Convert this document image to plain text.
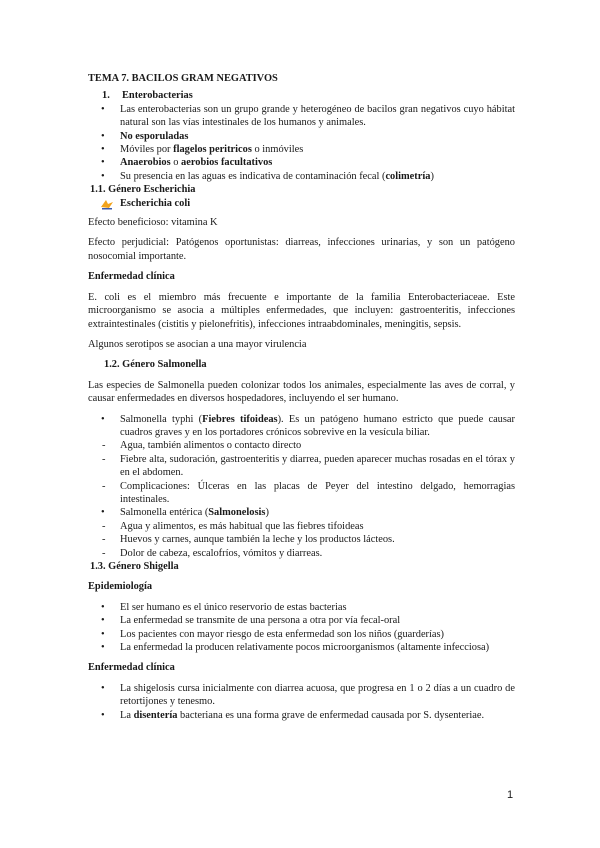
TEMA 7. BACILOS GRAM NEGATIVOS
1. Enterobacterias
• Las enterobacterias son un grupo grande y heterogéneo de bacilos gran negativos cuyo hábitat natural son las vías intestinales de los humanos y animales.
• No esporuladas
• Móviles por flagelos peritricos o inmóviles
• Anaerobios o aerobios facultativos
• Su presencia en las aguas es indicativa de contaminación fecal (colimetría)
1.1. Género Escherichia
Escherichia coli

Efecto beneficioso: vitamina K

Efecto perjudicial: Patógenos oportunistas: diarreas, infecciones urinarias, y son un patógeno nosocomial importante.

Enfermedad clínica

E. coli es el miembro más frecuente e importante de la familia Enterobacteriaceae. Este microorganismo se asocia a múltiples enfermedades, que incluyen: gastroenteritis, infecciones extraintestinales (cistitis y pielonefritis), infecciones intraabdominales, meningitis, sepsis.

Algunos serotipos se asocian a una mayor virulencia

1.2. Género Salmonella

Las especies de Salmonella pueden colonizar todos los animales, especialmente las aves de corral, y causar enfermedades en diversos hospedadores, incluyendo el ser humano.

• Salmonella typhi (Fiebres tifoideas). Es un patógeno humano estricto que puede causar cuadros graves y en los portadores crónicos sobrevive en la vesícula biliar.
- Agua, también alimentos o contacto directo
- Fiebre alta, sudoración, gastroenteritis y diarrea, pueden aparecer muchas rosadas en el tórax y en el abdomen.
- Complicaciones: Úlceras en las placas de Peyer del intestino delgado, hemorragias intestinales.
• Salmonella entérica (Salmonelosis)
- Agua y alimentos, es más habitual que las fiebres tifoideas
- Huevos y carnes, aunque también la leche y los productos lácteos.
- Dolor de cabeza, escalofríos, vómitos y diarreas.
1.3. Género Shigella
Epidemiología
• El ser humano es el único reservorio de estas bacterias
• La enfermedad se transmite de una persona a otra por vía fecal-oral
• Los pacientes con mayor riesgo de esta enfermedad son los niños (guarderías)
• La enfermedad la producen relativamente pocos microorganismos (altamente infecciosa)
Enfermedad clínica
• La shigelosis cursa inicialmente con diarrea acuosa, que progresa en 1 o 2 días a un cuadro de retortijones y tenesmo.
• La disentería bacteriana es una forma grave de enfermedad causada por S. dysenteriae.
1
